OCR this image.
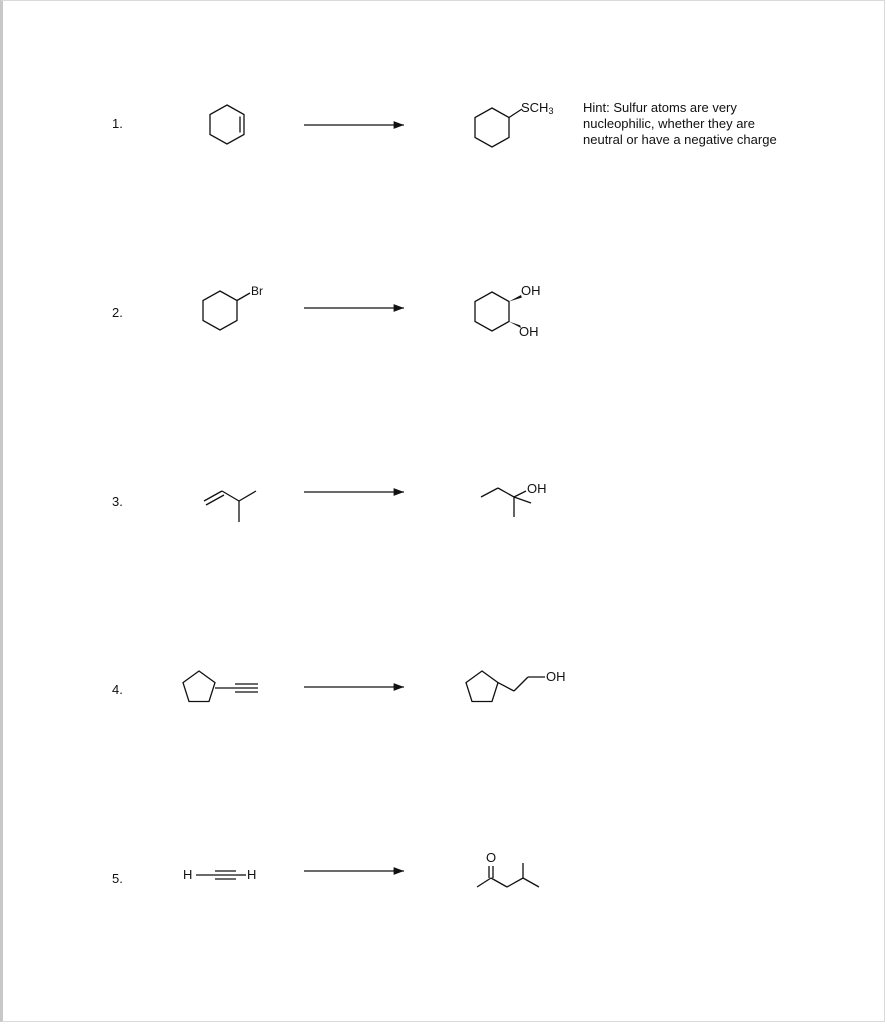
1.
2.
3.
4.
5.
$SCH_3$
Br	OH
OH
OH
OH
H	H
O
Hint: Sulfur atoms are very
nucleophilic, whether they are
neutral or have a negative charge
